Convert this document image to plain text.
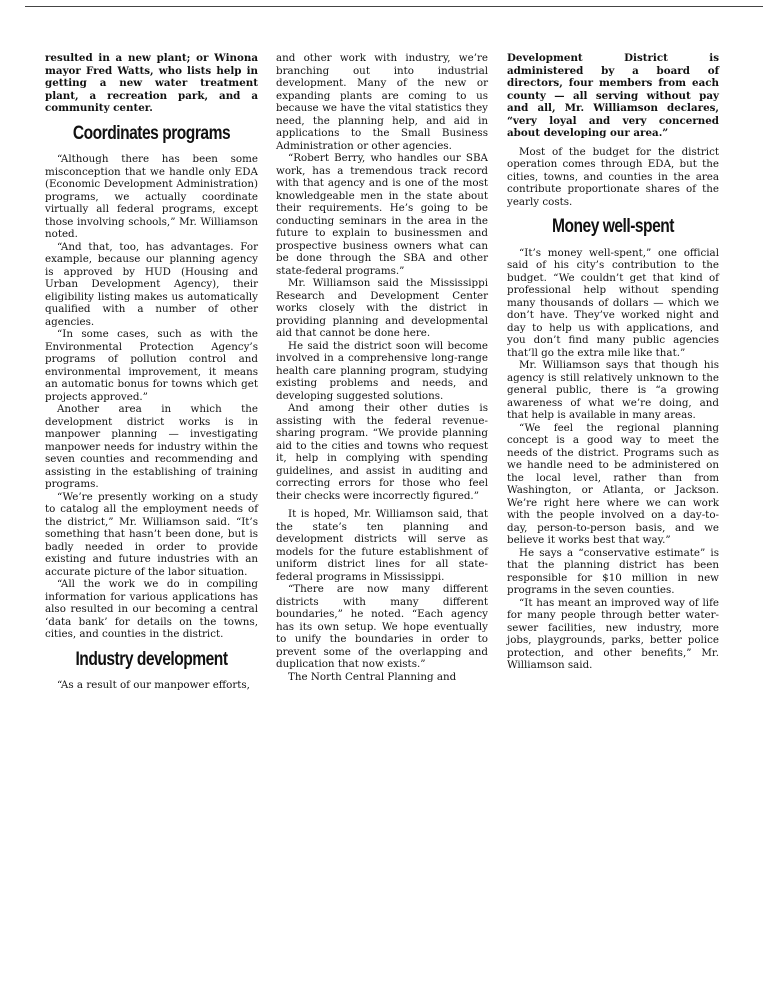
resulted in a new plant; or Winona mayor Fred Watts, who lists help in getting a new water treatment plant, a recreation park, and a community center.

Coordinates programs

“Although there has been some misconception that we handle only EDA (Economic Development Administration) programs, we actually coordinate virtually all federal programs, except those involving schools,” Mr. Williamson noted.

“And that, too, has advantages. For example, because our planning agency is approved by HUD (Housing and Urban Development Agency), their eligibility listing makes us automatically qualified with a number of other agencies.

“In some cases, such as with the Environmental Protection Agency’s programs of pollution control and environmental improvement, it means an automatic bonus for towns which get projects approved.”

Another area in which the development district works is in manpower planning — investigating manpower needs for industry within the seven counties and recommending and assisting in the establishing of training programs.

“We’re presently working on a study to catalog all the employment needs of the district,” Mr. Williamson said. “It’s something that hasn’t been done, but is badly needed in order to provide existing and future industries with an accurate picture of the labor situation.

“All the work we do in compiling information for various applications has also resulted in our becoming a central ‘data bank’ for details on the towns, cities, and counties in the district.

Industry development

“As a result of our manpower efforts,

and other work with industry, we’re branching out into industrial development. Many of the new or expanding plants are coming to us because we have the vital statistics they need, the planning help, and aid in applications to the Small Business Administration or other agencies.

“Robert Berry, who handles our SBA work, has a tremendous track record with that agency and is one of the most knowledgeable men in the state about their requirements. He’s going to be conducting seminars in the area in the future to explain to businessmen and prospective business owners what can be done through the SBA and other state-federal programs.”

Mr. Williamson said the Mississippi Research and Development Center works closely with the district in providing planning and developmental aid that cannot be done here.

He said the district soon will become involved in a comprehensive long-range health care planning program, studying existing problems and needs, and developing suggested solutions.

And among their other duties is assisting with the federal revenue-sharing program. “We provide planning aid to the cities and towns who request it, help in complying with spending guidelines, and assist in auditing and correcting errors for those who feel their checks were incorrectly figured.”

It is hoped, Mr. Williamson said, that the state’s ten planning and development districts will serve as models for the future establishment of uniform district lines for all state-federal programs in Mississippi.

“There are now many different districts with many different boundaries,” he noted. “Each agency has its own setup. We hope eventually to unify the boundaries in order to prevent some of the overlapping and duplication that now exists.”

The North Central Planning and

Development District is administered by a board of directors, four members from each county — all serving without pay and all, Mr. Williamson declares, “very loyal and very concerned about developing our area.”

Most of the budget for the district operation comes through EDA, but the cities, towns, and counties in the area contribute proportionate shares of the yearly costs.

Money well-spent

“It’s money well-spent,” one official said of his city’s contribution to the budget. “We couldn’t get that kind of professional help without spending many thousands of dollars — which we don’t have. They’ve worked night and day to help us with applications, and you don’t find many public agencies that’ll go the extra mile like that.”

Mr. Williamson says that though his agency is still relatively unknown to the general public, there is “a growing awareness of what we’re doing, and that help is available in many areas.

“We feel the regional planning concept is a good way to meet the needs of the district. Programs such as we handle need to be administered on the local level, rather than from Washington, or Atlanta, or Jackson. We’re right here where we can work with the people involved on a day-to-day, person-to-person basis, and we believe it works best that way.”

He says a “conservative estimate” is that the planning district has been responsible for $10 million in new programs in the seven counties.

“It has meant an improved way of life for many people through better water-sewer facilities, new industry, more jobs, playgrounds, parks, better police protection, and other benefits,” Mr. Williamson said.
